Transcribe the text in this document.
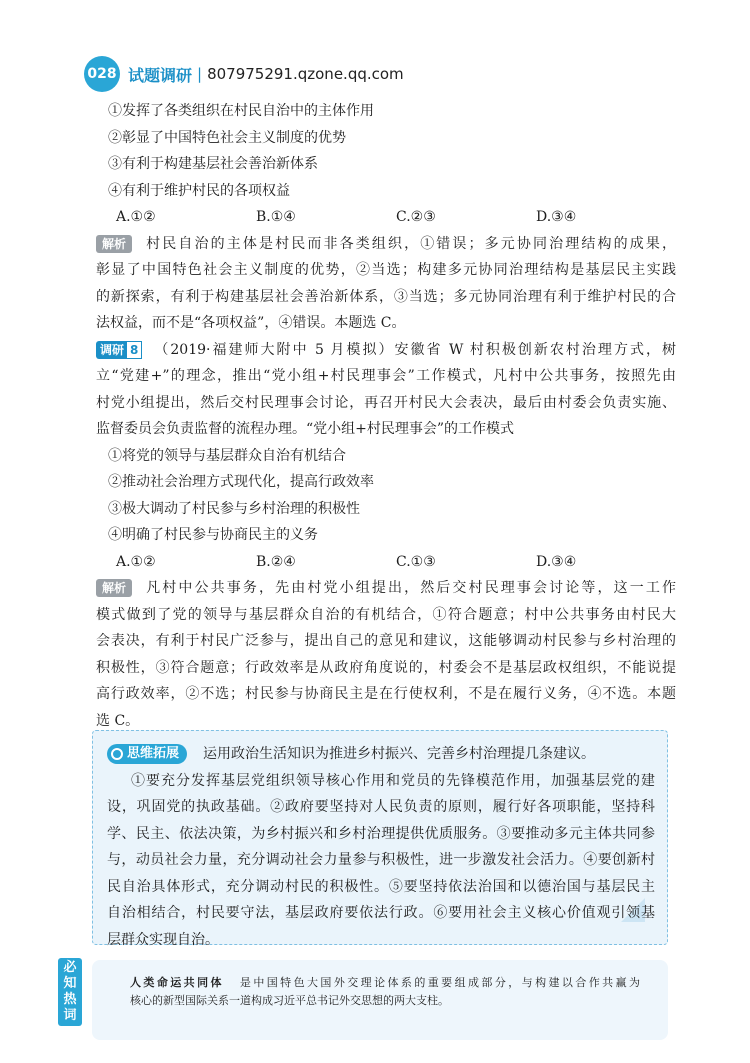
028 试题调研 | 807975291.qzone.qq.com
①发挥了各类组织在村民自治中的主体作用
②彰显了中国特色社会主义制度的优势
③有利于构建基层社会善治新体系
④有利于维护村民的各项权益
A.①②	B.①④	C.②③	D.③④
解析 村民自治的主体是村民而非各类组织，①错误；多元协同治理结构的成果，
彰显了中国特色社会主义制度的优势，②当选；构建多元协同治理结构是基层民主实践
的新探索，有利于构建基层社会善治新体系，③当选；多元协同治理有利于维护村民的合
法权益，而不是“各项权益”，④错误。本题选 C。
调研 8 （2019·福建师大附中 5 月模拟）安徽省 W 村积极创新农村治理方式，树
立“党建+”的理念，推出“党小组+村民理事会”工作模式，凡村中公共事务，按照先由
村党小组提出，然后交村民理事会讨论，再召开村民大会表决，最后由村委会负责实施、
监督委员会负责监督的流程办理。“党小组+村民理事会”的工作模式
①将党的领导与基层群众自治有机结合
②推动社会治理方式现代化，提高行政效率
③极大调动了村民参与乡村治理的积极性
④明确了村民参与协商民主的义务
A.①②	B.②④	C.①③	D.③④
解析 凡村中公共事务，先由村党小组提出，然后交村民理事会讨论等，这一工作
模式做到了党的领导与基层群众自治的有机结合，①符合题意；村中公共事务由村民大
会表决，有利于村民广泛参与，提出自己的意见和建议，这能够调动村民参与乡村治理的
积极性，③符合题意；行政效率是从政府角度说的，村委会不是基层政权组织，不能说提
高行政效率，②不选；村民参与协商民主是在行使权利，不是在履行义务，④不选。本题
选 C。
思维拓展 运用政治生活知识为推进乡村振兴、完善乡村治理提几条建议。
①要充分发挥基层党组织领导核心作用和党员的先锋模范作用，加强基层党的建
设，巩固党的执政基础。②政府要坚持对人民负责的原则，履行好各项职能，坚持科
学、民主、依法决策，为乡村振兴和乡村治理提供优质服务。③要推动多元主体共同参
与，动员社会力量，充分调动社会力量参与积极性，进一步激发社会活力。④要创新村
民自治具体形式，充分调动村民的积极性。⑤要坚持依法治国和以德治国与基层民主
自治相结合，村民要守法，基层政府要依法行政。⑥要用社会主义核心价值观引领基
层群众实现自治。
必
知
热
词
人类命运共同体 是中国特色大国外交理论体系的重要组成部分，与构建以合作共赢为
核心的新型国际关系一道构成习近平总书记外交思想的两大支柱。
